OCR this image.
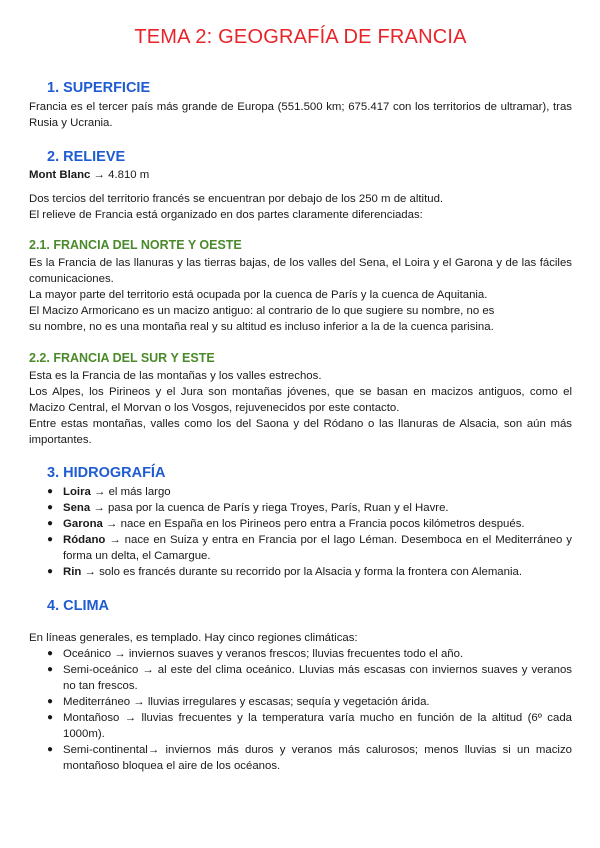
TEMA 2: GEOGRAFÍA DE FRANCIA
1. SUPERFICIE
Francia es el tercer país más grande de Europa (551.500 km; 675.417 con los territorios de ultramar), tras Rusia y Ucrania.
2. RELIEVE
Mont Blanc → 4.810 m
Dos tercios del territorio francés se encuentran por debajo de los 250 m de altitud.
El relieve de Francia está organizado en dos partes claramente diferenciadas:
2.1. FRANCIA DEL NORTE Y OESTE
Es la Francia de las llanuras y las tierras bajas, de los valles del Sena, el Loira y el Garona y de las fáciles comunicaciones.
La mayor parte del territorio está ocupada por la cuenca de París y la cuenca de Aquitania.
El Macizo Armoricano es un macizo antiguo: al contrario de lo que sugiere su nombre, no es
su nombre, no es una montaña real y su altitud es incluso inferior a la de la cuenca parisina.
2.2. FRANCIA DEL SUR Y ESTE
Esta es la Francia de las montañas y los valles estrechos.
Los Alpes, los Pirineos y el Jura son montañas jóvenes, que se basan en macizos antiguos, como el Macizo Central, el Morvan o los Vosgos, rejuvenecidos por este contacto.
Entre estas montañas, valles como los del Saona y del Ródano o las llanuras de Alsacia, son aún más importantes.
3. HIDROGRAFÍA
● Loira → el más largo
● Sena → pasa por la cuenca de París y riega Troyes, París, Ruan y el Havre.
● Garona → nace en España en los Pirineos pero entra a Francia pocos kilómetros después.
● Ródano → nace en Suiza y entra en Francia por el lago Léman. Desemboca en el Mediterráneo y forma un delta, el Camargue.
● Rin → solo es francés durante su recorrido por la Alsacia y forma la frontera con Alemania.
4. CLIMA
En líneas generales, es templado. Hay cinco regiones climáticas:
● Oceánico → inviernos suaves y veranos frescos; lluvias frecuentes todo el año.
● Semi-oceánico → al este del clima oceánico. Lluvias más escasas con inviernos suaves y veranos no tan frescos.
● Mediterráneo → lluvias irregulares y escasas; sequía y vegetación árida.
● Montañoso → lluvias frecuentes y la temperatura varía mucho en función de la altitud (6º cada 1000m).
● Semi-continental→ inviernos más duros y veranos más calurosos; menos lluvias si un macizo montañoso bloquea el aire de los océanos.
